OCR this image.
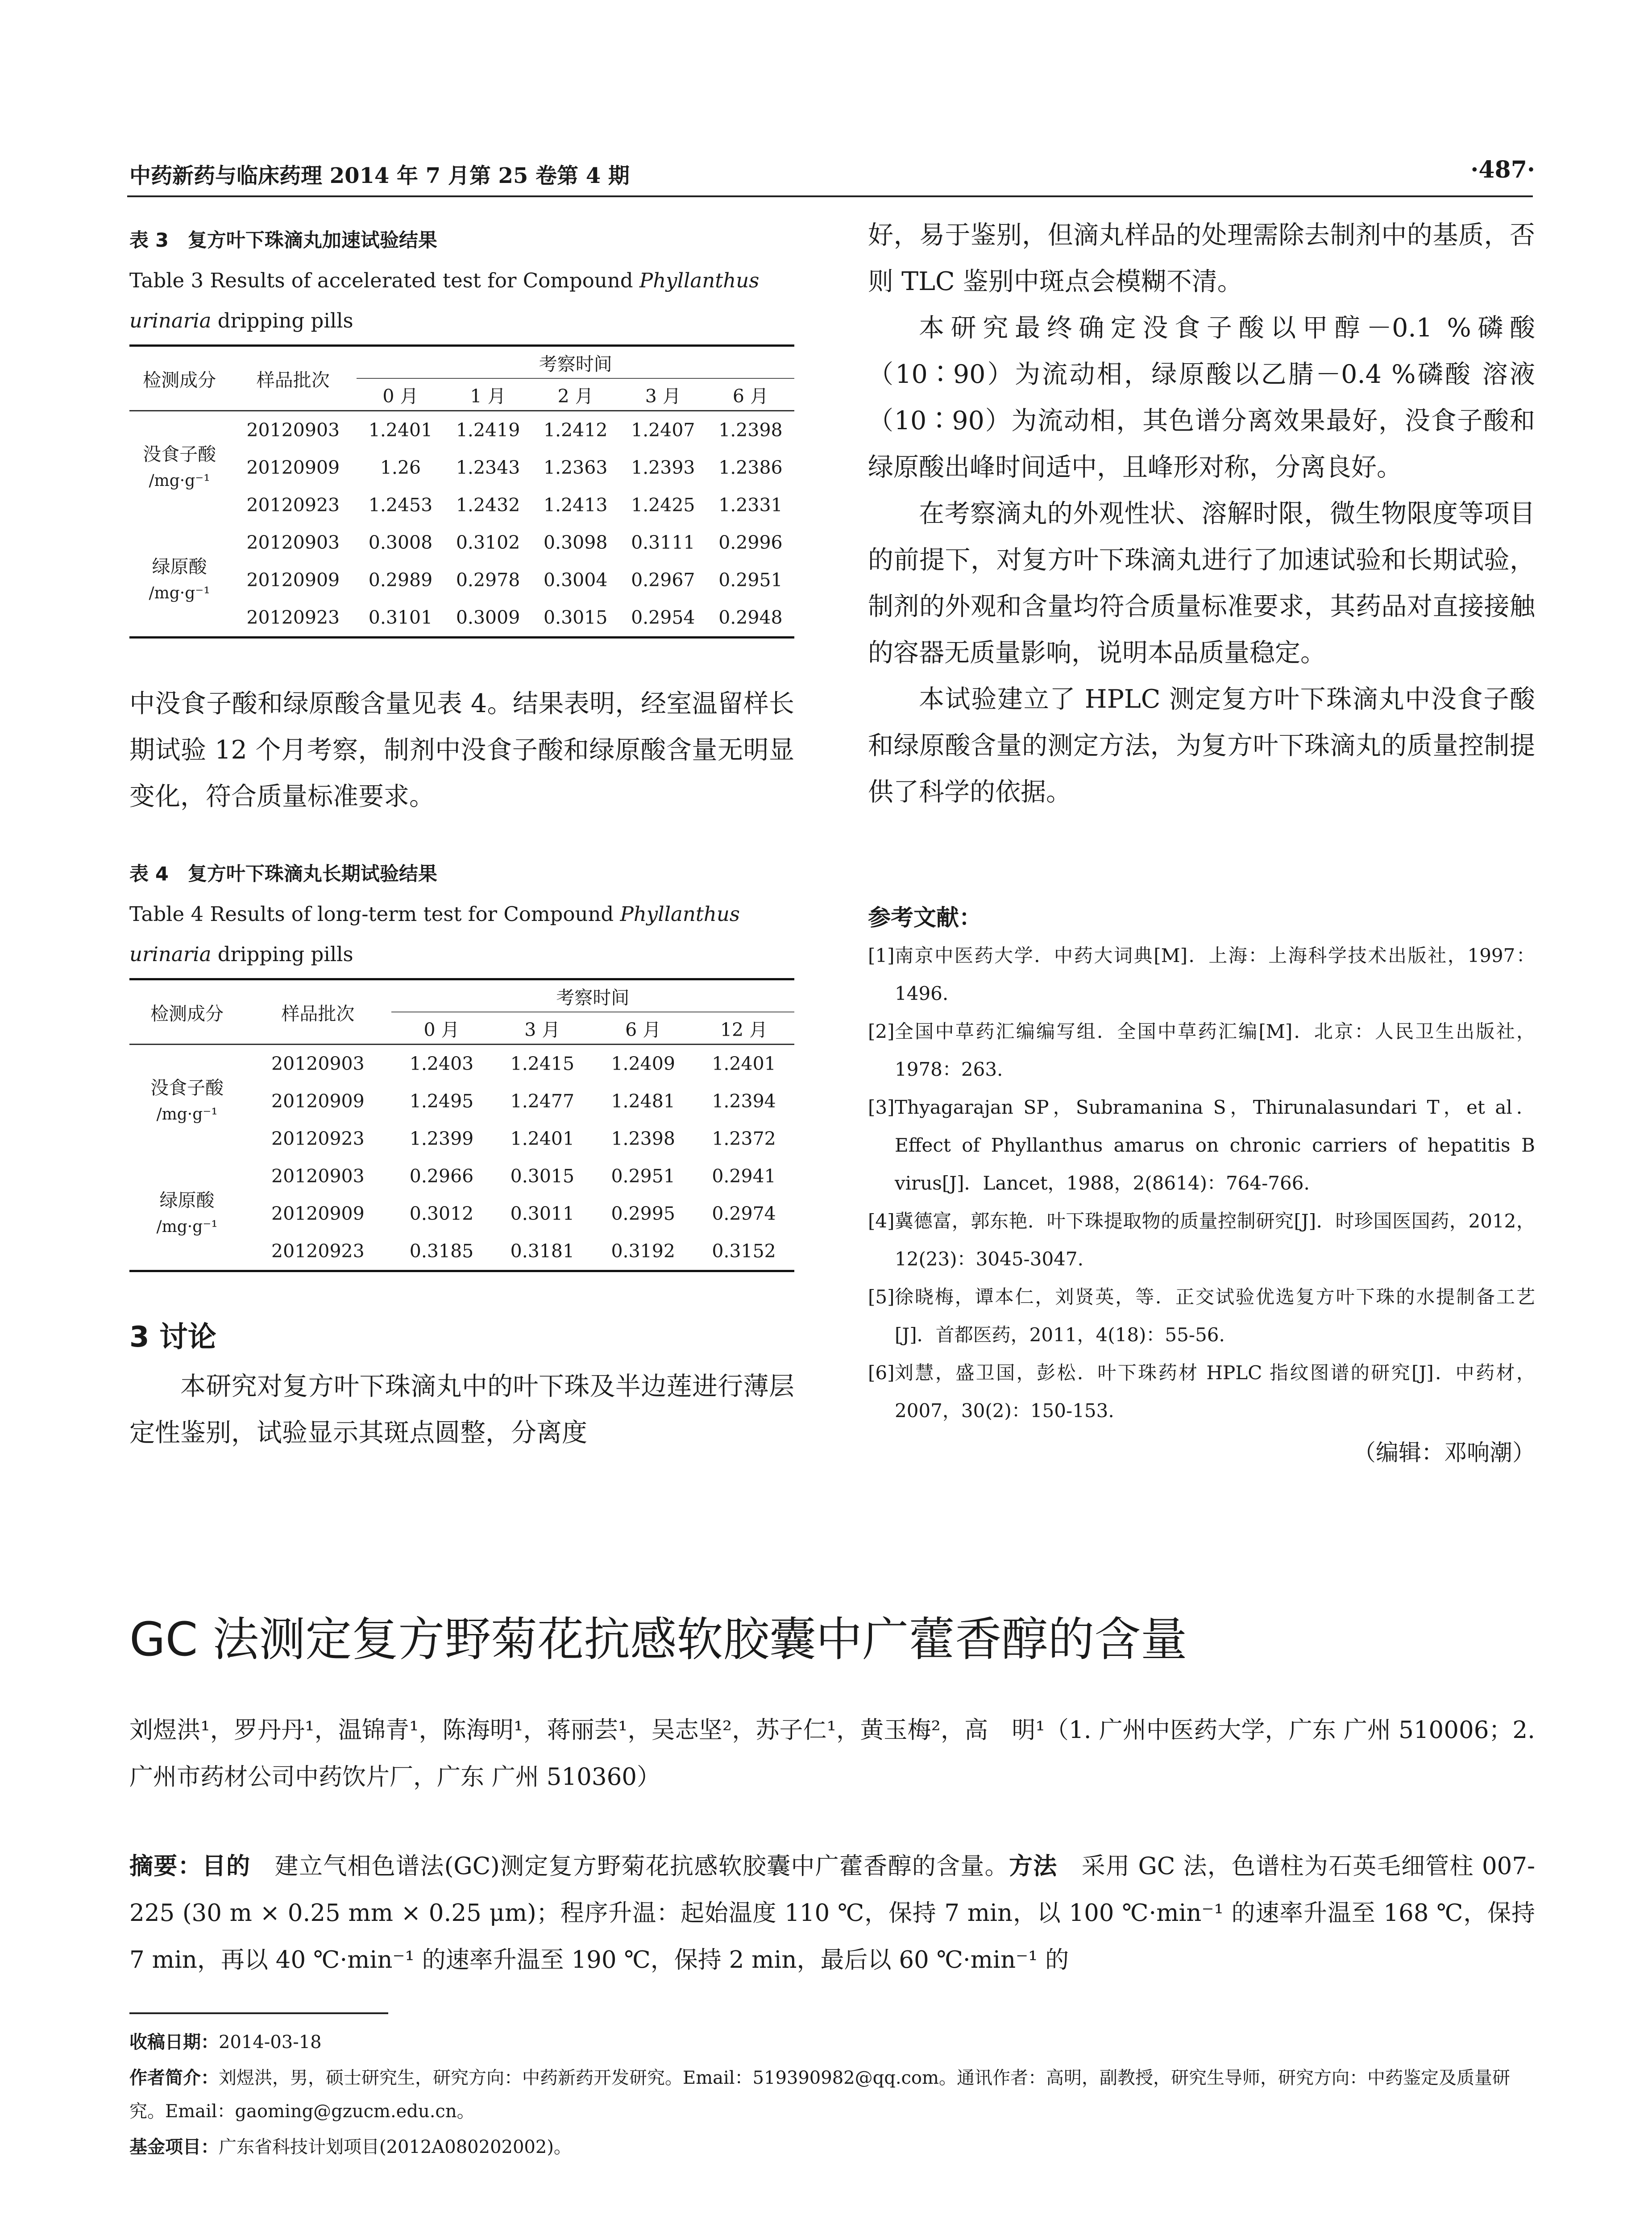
中药新药与临床药理 2014 年 7 月第 25 卷第 4 期	·487·
表 3　复方叶下珠滴丸加速试验结果
Table 3 Results of accelerated test for Compound Phyllanthus
urinaria dripping pills
检测成分	样品批次	考察时间				
		0 月	1 月	2 月	3 月	6 月

没食子酸
/mg·g⁻¹	20120903	1.2401	1.2419	1.2412	1.2407	1.2398
	20120909	1.26	1.2343	1.2363	1.2393	1.2386
	20120923	1.2453	1.2432	1.2413	1.2425	1.2331

绿原酸
/mg·g⁻¹	20120903	0.3008	0.3102	0.3098	0.3111	0.2996
	20120909	0.2989	0.2978	0.3004	0.2967	0.2951
	20120923	0.3101	0.3009	0.3015	0.2954	0.2948
中没食子酸和绿原酸含量见表 4。结果表明，经室温留样长期试验 12 个月考察，制剂中没食子酸和绿原酸含量无明显变化，符合质量标准要求。
表 4　复方叶下珠滴丸长期试验结果
Table 4 Results of long-term test for Compound Phyllanthus
urinaria dripping pills
检测成分	样品批次	考察时间			
		0 月	3 月	6 月	12 月

没食子酸
/mg·g⁻¹	20120903	1.2403	1.2415	1.2409	1.2401
	20120909	1.2495	1.2477	1.2481	1.2394
	20120923	1.2399	1.2401	1.2398	1.2372

绿原酸
/mg·g⁻¹	20120903	0.2966	0.3015	0.2951	0.2941
	20120909	0.3012	0.3011	0.2995	0.2974
	20120923	0.3185	0.3181	0.3192	0.3152
3 讨论
本研究对复方叶下珠滴丸中的叶下珠及半边莲进行薄层定性鉴别，试验显示其斑点圆整，分离度
好，易于鉴别，但滴丸样品的处理需除去制剂中的基质，否则 TLC 鉴别中斑点会模糊不清。
本研究最终确定没食子酸以甲醇－0.1 %磷酸（10∶90）为流动相，绿原酸以乙腈－0.4 %磷酸 溶液（10∶90）为流动相，其色谱分离效果最好，没食子酸和绿原酸出峰时间适中，且峰形对称，分离良好。
在考察滴丸的外观性状、溶解时限，微生物限度等项目的前提下，对复方叶下珠滴丸进行了加速试验和长期试验，制剂的外观和含量均符合质量标准要求，其药品对直接接触的容器无质量影响，说明本品质量稳定。
本试验建立了 HPLC 测定复方叶下珠滴丸中没食子酸和绿原酸含量的测定方法，为复方叶下珠滴丸的质量控制提供了科学的依据。
参考文献：
[1] 南京中医药大学．中药大词典[M]．上海：上海科学技术出版社，1997：1496.
[2] 全国中草药汇编编写组．全国中草药汇编[M]．北京：人民卫生出版社，1978：263.
[3] Thyagarajan SP，Subramanina S，Thirunalasundari T，et al．Effect of Phyllanthus amarus on chronic carriers of hepatitis B virus[J]．Lancet，1988，2(8614)：764-766.
[4] 冀德富，郭东艳．叶下珠提取物的质量控制研究[J]．时珍国医国药，2012，12(23)：3045-3047.
[5] 徐晓梅，谭本仁，刘贤英，等．正交试验优选复方叶下珠的水提制备工艺[J]．首都医药，2011，4(18)：55-56.
[6] 刘慧，盛卫国，彭松．叶下珠药材 HPLC 指纹图谱的研究[J]．中药材，2007，30(2)：150-153.
（编辑：邓响潮）
GC 法测定复方野菊花抗感软胶囊中广藿香醇的含量
刘煜洪¹，罗丹丹¹，温锦青¹，陈海明¹，蒋丽芸¹，吴志坚²，苏子仁¹，黄玉梅²，高　明¹（1. 广州中医药大学，广东 广州 510006；2. 广州市药材公司中药饮片厂，广东 广州 510360）
摘要：目的　建立气相色谱法(GC)测定复方野菊花抗感软胶囊中广藿香醇的含量。方法　采用 GC 法，色谱柱为石英毛细管柱 007-225 (30 m × 0.25 mm × 0.25 μm)；程序升温：起始温度 110 ℃，保持 7 min，以 100 ℃·min⁻¹ 的速率升温至 168 ℃，保持 7 min，再以 40 ℃·min⁻¹ 的速率升温至 190 ℃，保持 2 min，最后以 60 ℃·min⁻¹ 的
收稿日期：2014-03-18
作者简介：刘煜洪，男，硕士研究生，研究方向：中药新药开发研究。Email：519390982@qq.com。通讯作者：高明，副教授，研究生导师，研究方向：中药鉴定及质量研究。Email：gaoming@gzucm.edu.cn。
基金项目：广东省科技计划项目(2012A080202002)。
